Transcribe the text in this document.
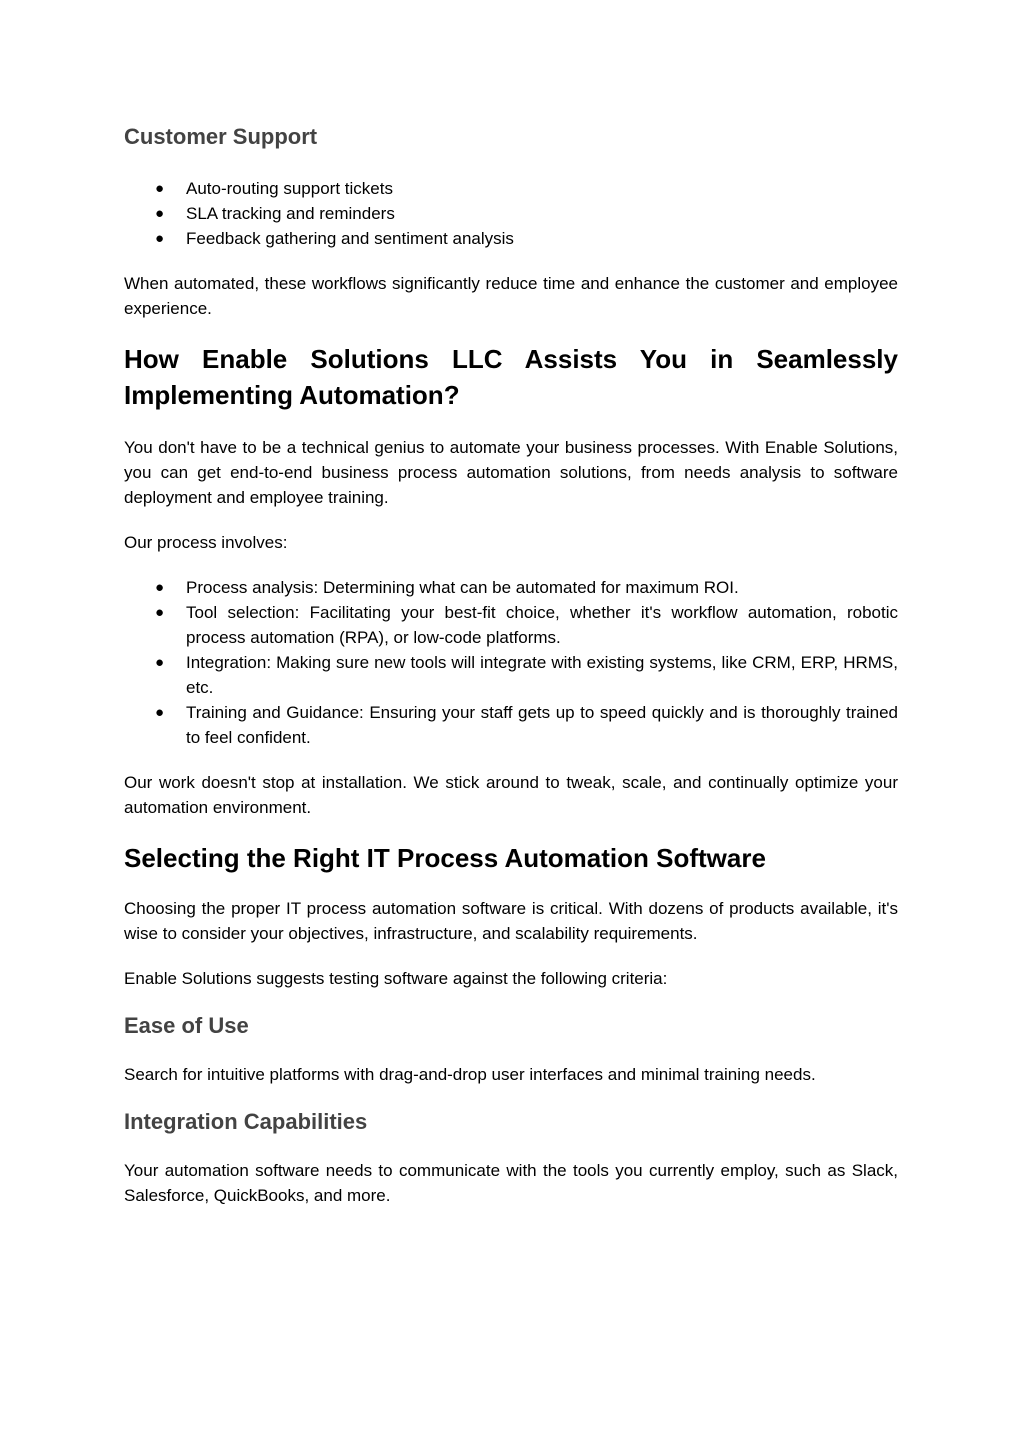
Customer Support
● Auto-routing support tickets
● SLA tracking and reminders
● Feedback gathering and sentiment analysis

When automated, these workflows significantly reduce time and enhance the customer and employee experience.

How Enable Solutions LLC Assists You in Seamlessly Implementing Automation?

You don't have to be a technical genius to automate your business processes. With Enable Solutions, you can get end-to-end business process automation solutions, from needs analysis to software deployment and employee training.

Our process involves:

● Process analysis: Determining what can be automated for maximum ROI.
● Tool selection: Facilitating your best-fit choice, whether it's workflow automation, robotic process automation (RPA), or low-code platforms.
● Integration: Making sure new tools will integrate with existing systems, like CRM, ERP, HRMS, etc.
● Training and Guidance: Ensuring your staff gets up to speed quickly and is thoroughly trained to feel confident.

Our work doesn't stop at installation. We stick around to tweak, scale, and continually optimize your automation environment.

Selecting the Right IT Process Automation Software

Choosing the proper IT process automation software is critical. With dozens of products available, it's wise to consider your objectives, infrastructure, and scalability requirements.

Enable Solutions suggests testing software against the following criteria:

Ease of Use

Search for intuitive platforms with drag-and-drop user interfaces and minimal training needs.

Integration Capabilities

Your automation software needs to communicate with the tools you currently employ, such as Slack, Salesforce, QuickBooks, and more.
